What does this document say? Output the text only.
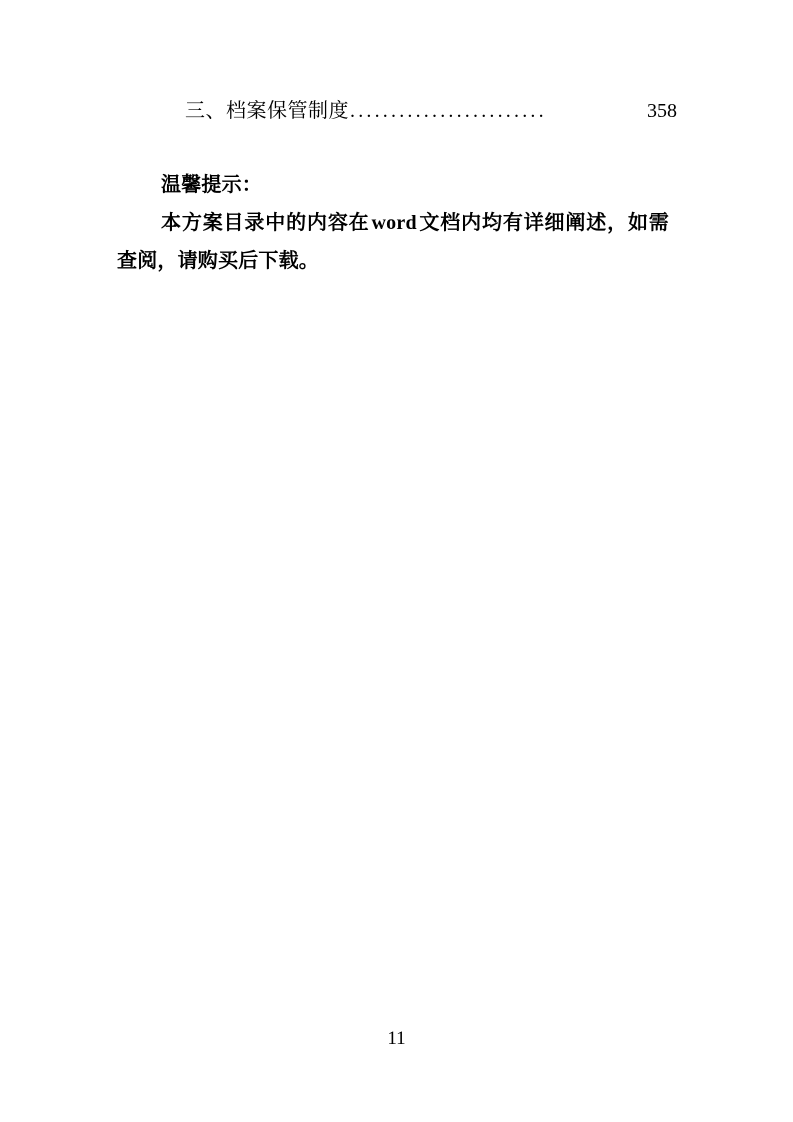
三、档案保管制度 ........................	358
温馨提示：
本方案目录中的内容在 word 文档内均有详细阐述，如需查阅，请购买后下载。
11
